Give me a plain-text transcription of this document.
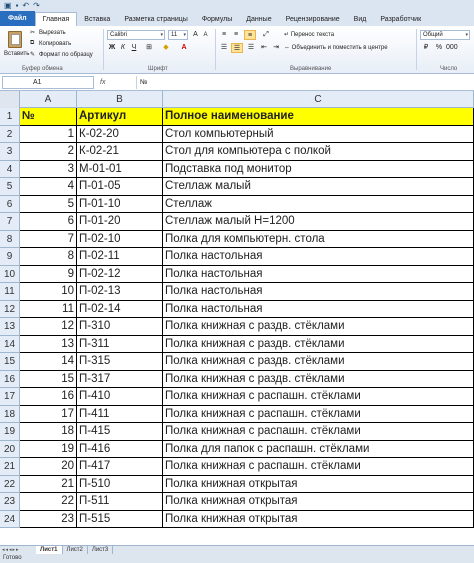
▣ ▪ ↶ ↷
Файл	Главная	Вставка	Разметка страницы	Формулы	Данные	Рецензирование	Вид	Разработчик
Вставить
✂ Вырезать
⧉ Копировать
✎ Формат по образцу
Буфер обмена
Calibri	▾	11 ▾	A A
Ж К Ч	⊞	◆	A
Шрифт
≡	≡	≡	⤢
☰ ☰	☰ ⇤ ⇥
↵ Перенос текста
⇔ Объединить и поместить в центре
Выравнивание
Общий	▾
₽	% 000
Число
A1	fx	№
A	B	C
1 №	Артикул	Полное наименование
2	1 К-02-20	Стол компьютерный
3	2 К-02-21	Стол для компьютера с полкой
4	3 М-01-01	Подставка под монитор
5	4 П-01-05	Стеллаж малый
6	5 П-01-10	Стеллаж
7	6 П-01-20	Стеллаж малый Н=1200
8	7 П-02-10	Полка для компьютерн. стола
9	8 П-02-11	Полка настольная
10	9 П-02-12	Полка настольная
11	10 П-02-13	Полка настольная
12	11 П-02-14	Полка настольная
13	12 П-310	Полка книжная с раздв. стёклами
14	13 П-311	Полка книжная с раздв. стёклами
15	14 П-315	Полка книжная с раздв. стёклами
16	15 П-317	Полка книжная с раздв. стёклами
17	16 П-410	Полка книжная с распашн. стёклами
18	17 П-411	Полка книжная с распашн. стёклами
19	18 П-415	Полка книжная с распашн. стёклами
20	19 П-416	Полка для папок с распашн. стёклами
21	20 П-417	Полка книжная с распашн. стёклами
22	21 П-510	Полка книжная открытая
23	22 П-511	Полка книжная открытая
24	23 П-515	Полка книжная открытая
◂◂◂▸▸	Лист1	Лист2	Лист3
Готово
